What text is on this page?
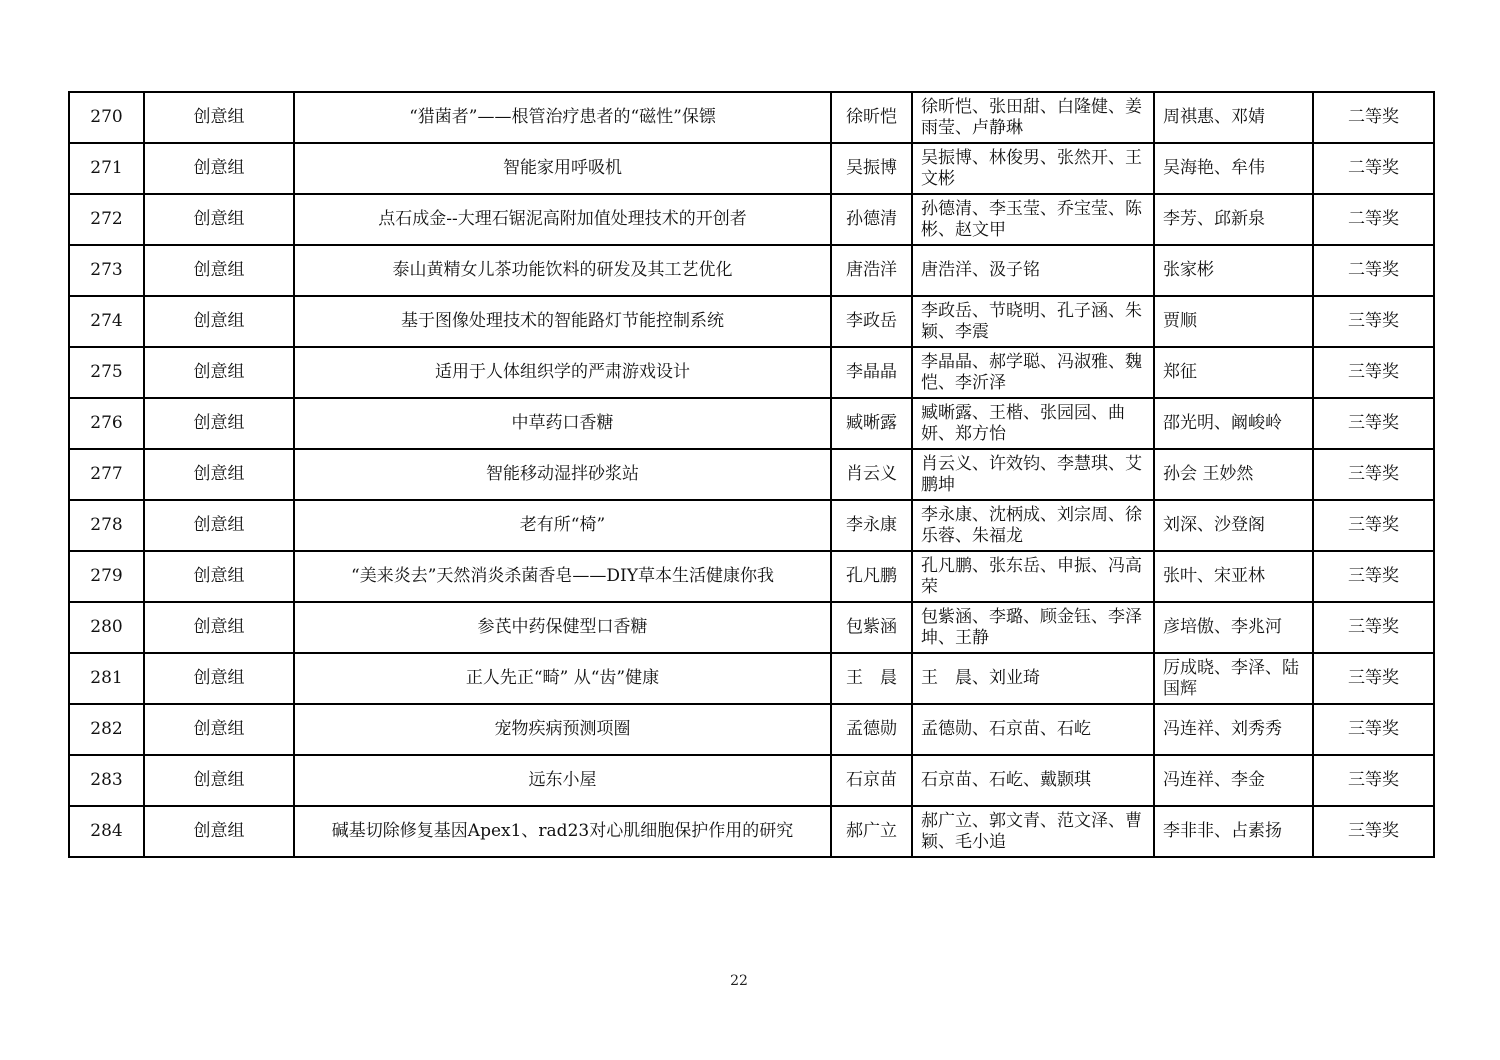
270	创意组	“猎菌者”——根管治疗患者的“磁性”保镖	徐昕恺	徐昕恺、张田甜、白隆健、姜雨莹、卢静琳	周祺惠、邓婧	二等奖
271	创意组	智能家用呼吸机	吴振博	吴振博、林俊男、张然开、王文彬	吴海艳、牟伟	二等奖
272	创意组	点石成金--大理石锯泥高附加值处理技术的开创者	孙德清	孙德清、李玉莹、乔宝莹、陈彬、赵文甲	李芳、邱新泉	二等奖
273	创意组	泰山黄精女儿茶功能饮料的研发及其工艺优化	唐浩洋	唐浩洋、汲子铭	张家彬	二等奖
274	创意组	基于图像处理技术的智能路灯节能控制系统	李政岳	李政岳、节晓明、孔子涵、朱颖、李震	贾顺	三等奖
275	创意组	适用于人体组织学的严肃游戏设计	李晶晶	李晶晶、郝学聪、冯淑雅、魏恺、李沂泽	郑征	三等奖
276	创意组	中草药口香糖	臧晰露	臧晰露、王楷、张园园、曲妍、郑方怡	邵光明、阚峻岭	三等奖
277	创意组	智能移动湿拌砂浆站	肖云义	肖云义、许效钧、李慧琪、艾鹏坤	孙会 王妙然	三等奖
278	创意组	老有所“椅”	李永康	李永康、沈柄成、刘宗周、徐乐蓉、朱福龙	刘深、沙登阁	三等奖
279	创意组	“美来炎去”天然消炎杀菌香皂——DIY草本生活健康你我	孔凡鹏	孔凡鹏、张东岳、申振、冯高荣	张叶、宋亚林	三等奖
280	创意组	参芪中药保健型口香糖	包紫涵	包紫涵、李璐、顾金钰、李泽坤、王静	彦培傲、李兆河	三等奖
281	创意组	正人先正“畸” 从“齿”健康	王　晨	王　晨、刘业琦	厉成晓、李泽、陆国辉	三等奖
282	创意组	宠物疾病预测项圈	孟德勋	孟德勋、石京苗、石屹	冯连祥、刘秀秀	三等奖
283	创意组	远东小屋	石京苗	石京苗、石屹、戴颢琪	冯连祥、李金	三等奖
284	创意组	碱基切除修复基因Apex1、rad23对心肌细胞保护作用的研究	郝广立	郝广立、郭文青、范文泽、曹颖、毛小追	李非非、占素扬	三等奖
22
